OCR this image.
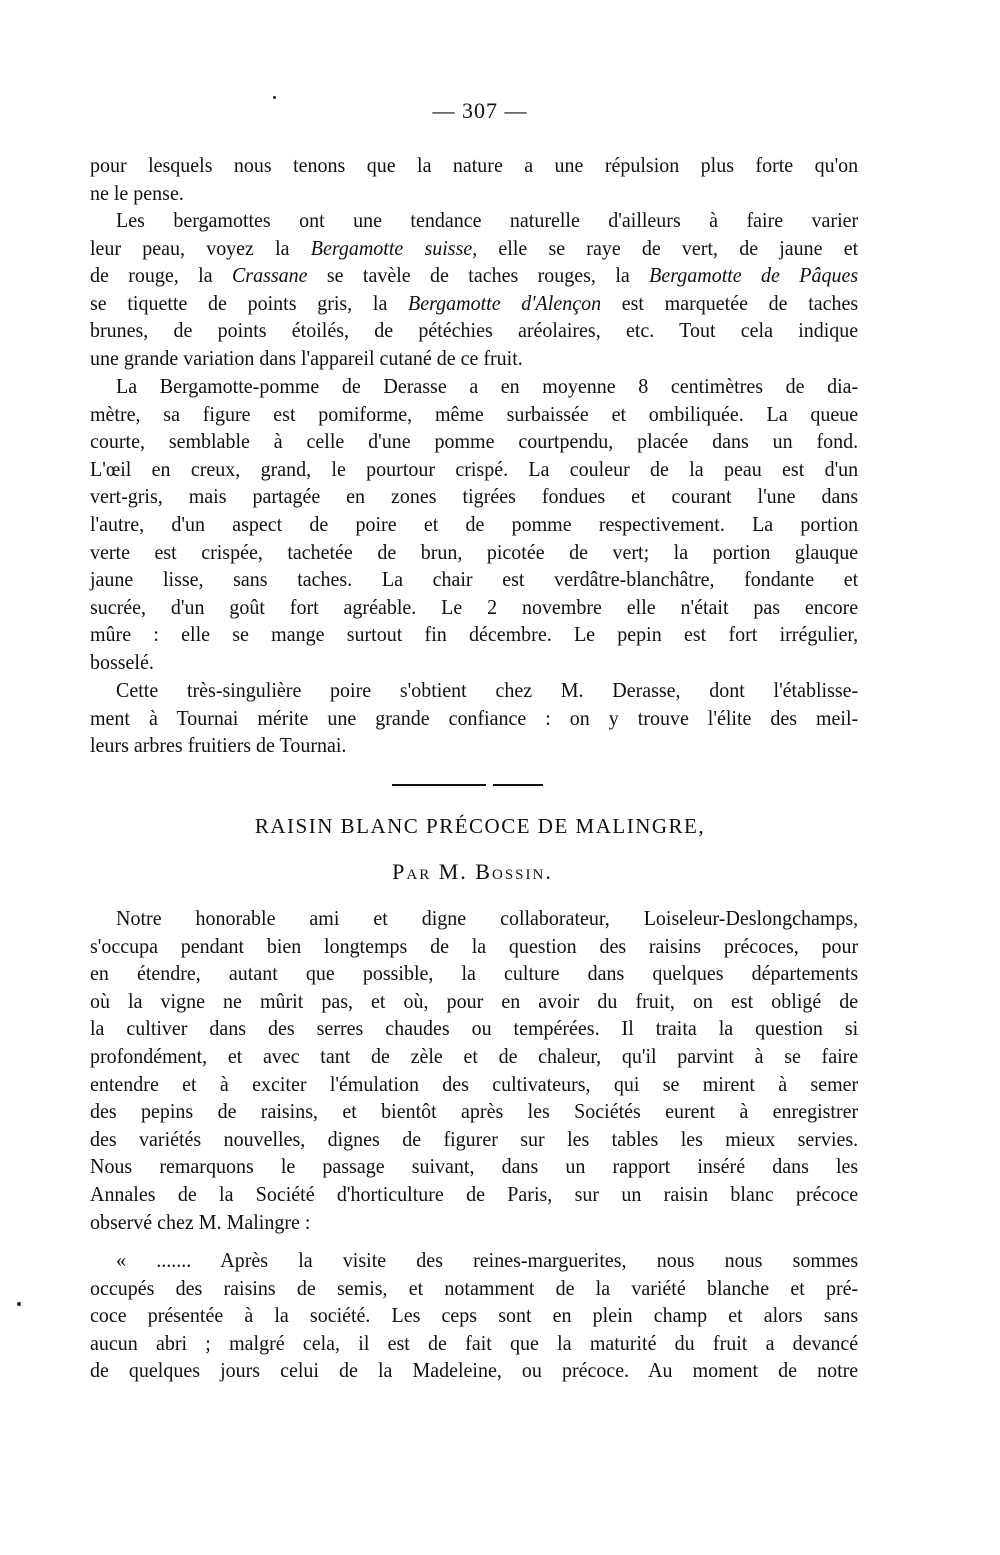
— 307 —
pour lesquels nous tenons que la nature a une répulsion plus forte qu'on
ne le pense.
Les bergamottes ont une tendance naturelle d'ailleurs à faire varier
leur peau, voyez la Bergamotte suisse, elle se raye de vert, de jaune et
de rouge, la Crassane se tavèle de taches rouges, la Bergamotte de Pâques
se tiquette de points gris, la Bergamotte d'Alençon est marquetée de taches
brunes, de points étoilés, de pétéchies aréolaires, etc. Tout cela indique
une grande variation dans l'appareil cutané de ce fruit.
La Bergamotte-pomme de Derasse a en moyenne 8 centimètres de dia-
mètre, sa figure est pomiforme, même surbaissée et ombiliquée. La queue
courte, semblable à celle d'une pomme courtpendu, placée dans un fond.
L'œil en creux, grand, le pourtour crispé. La couleur de la peau est d'un
vert-gris, mais partagée en zones tigrées fondues et courant l'une dans
l'autre, d'un aspect de poire et de pomme respectivement. La portion
verte est crispée, tachetée de brun, picotée de vert; la portion glauque
jaune lisse, sans taches. La chair est verdâtre-blanchâtre, fondante et
sucrée, d'un goût fort agréable. Le 2 novembre elle n'était pas encore
mûre : elle se mange surtout fin décembre. Le pepin est fort irrégulier,
bosselé.
Cette très-singulière poire s'obtient chez M. Derasse, dont l'établisse-
ment à Tournai mérite une grande confiance : on y trouve l'élite des meil-
leurs arbres fruitiers de Tournai.
RAISIN BLANC PRÉCOCE DE MALINGRE,
Par M. Bossin.
Notre honorable ami et digne collaborateur, Loiseleur-Deslongchamps,
s'occupa pendant bien longtemps de la question des raisins précoces, pour
en étendre, autant que possible, la culture dans quelques départements
où la vigne ne mûrit pas, et où, pour en avoir du fruit, on est obligé de
la cultiver dans des serres chaudes ou tempérées. Il traita la question si
profondément, et avec tant de zèle et de chaleur, qu'il parvint à se faire
entendre et à exciter l'émulation des cultivateurs, qui se mirent à semer
des pepins de raisins, et bientôt après les Sociétés eurent à enregistrer
des variétés nouvelles, dignes de figurer sur les tables les mieux servies.
Nous remarquons le passage suivant, dans un rapport inséré dans les
Annales de la Société d'horticulture de Paris, sur un raisin blanc précoce
observé chez M. Malingre :
« ....... Après la visite des reines-marguerites, nous nous sommes
occupés des raisins de semis, et notamment de la variété blanche et pré-
coce présentée à la société. Les ceps sont en plein champ et alors sans
aucun abri ; malgré cela, il est de fait que la maturité du fruit a devancé
de quelques jours celui de la Madeleine, ou précoce. Au moment de notre
